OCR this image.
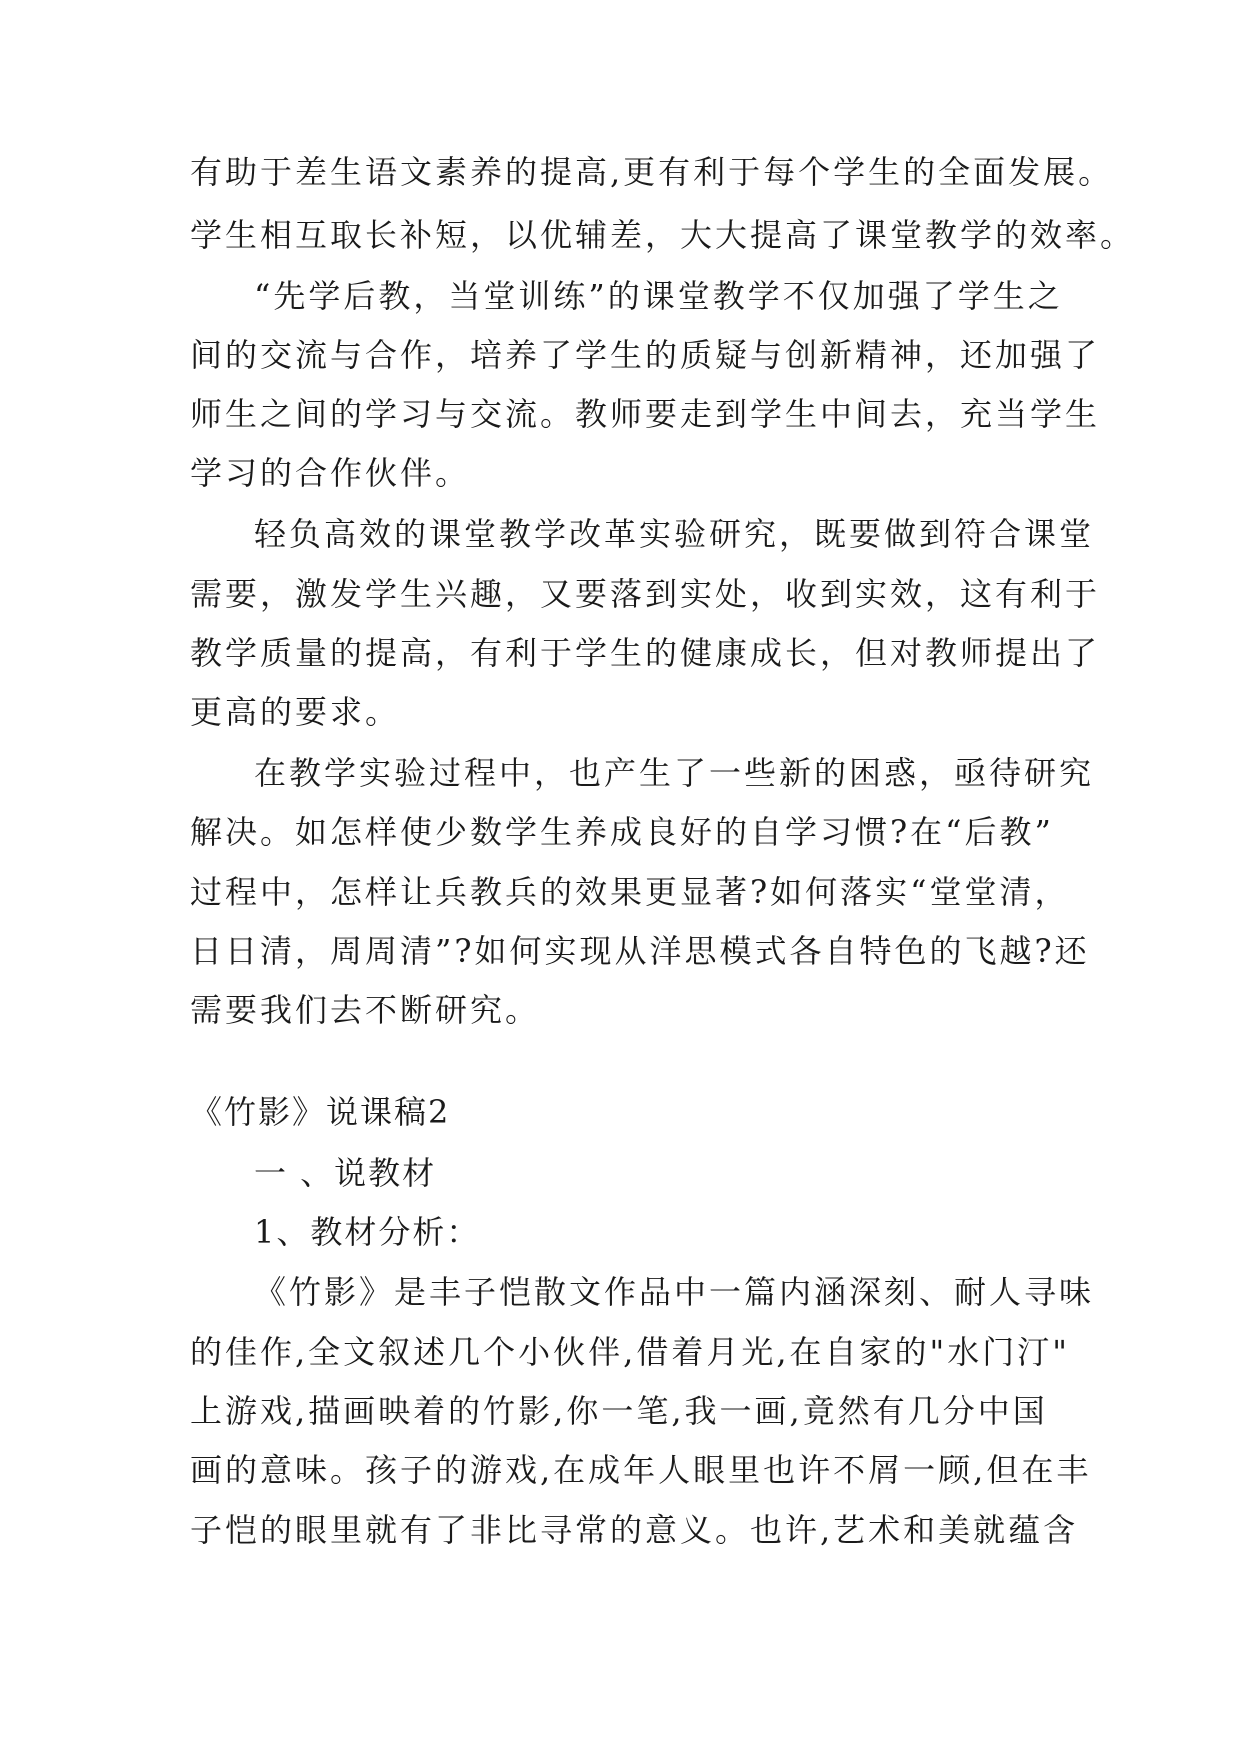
有助于差生语文素养的提高,更有利于每个学生的全面发展。
学生相互取长补短，以优辅差，大大提高了课堂教学的效率。
“先学后教，当堂训练”的课堂教学不仅加强了学生之
间的交流与合作，培养了学生的质疑与创新精神，还加强了
师生之间的学习与交流。教师要走到学生中间去，充当学生
学习的合作伙伴。
轻负高效的课堂教学改革实验研究，既要做到符合课堂
需要，激发学生兴趣，又要落到实处，收到实效，这有利于
教学质量的提高，有利于学生的健康成长，但对教师提出了
更高的要求。
在教学实验过程中，也产生了一些新的困惑，亟待研究
解决。如怎样使少数学生养成良好的自学习惯?在“后教”
过程中，怎样让兵教兵的效果更显著?如何落实“堂堂清，
日日清，周周清”?如何实现从洋思模式各自特色的飞越?还
需要我们去不断研究。
《竹影》说课稿2
一 、说教材
1、教材分析：
《竹影》是丰子恺散文作品中一篇内涵深刻、耐人寻味
的佳作,全文叙述几个小伙伴,借着月光,在自家的"水门汀"
上游戏,描画映着的竹影,你一笔,我一画,竟然有几分中国
画的意味。孩子的游戏,在成年人眼里也许不屑一顾,但在丰
子恺的眼里就有了非比寻常的意义。也许,艺术和美就蕴含
